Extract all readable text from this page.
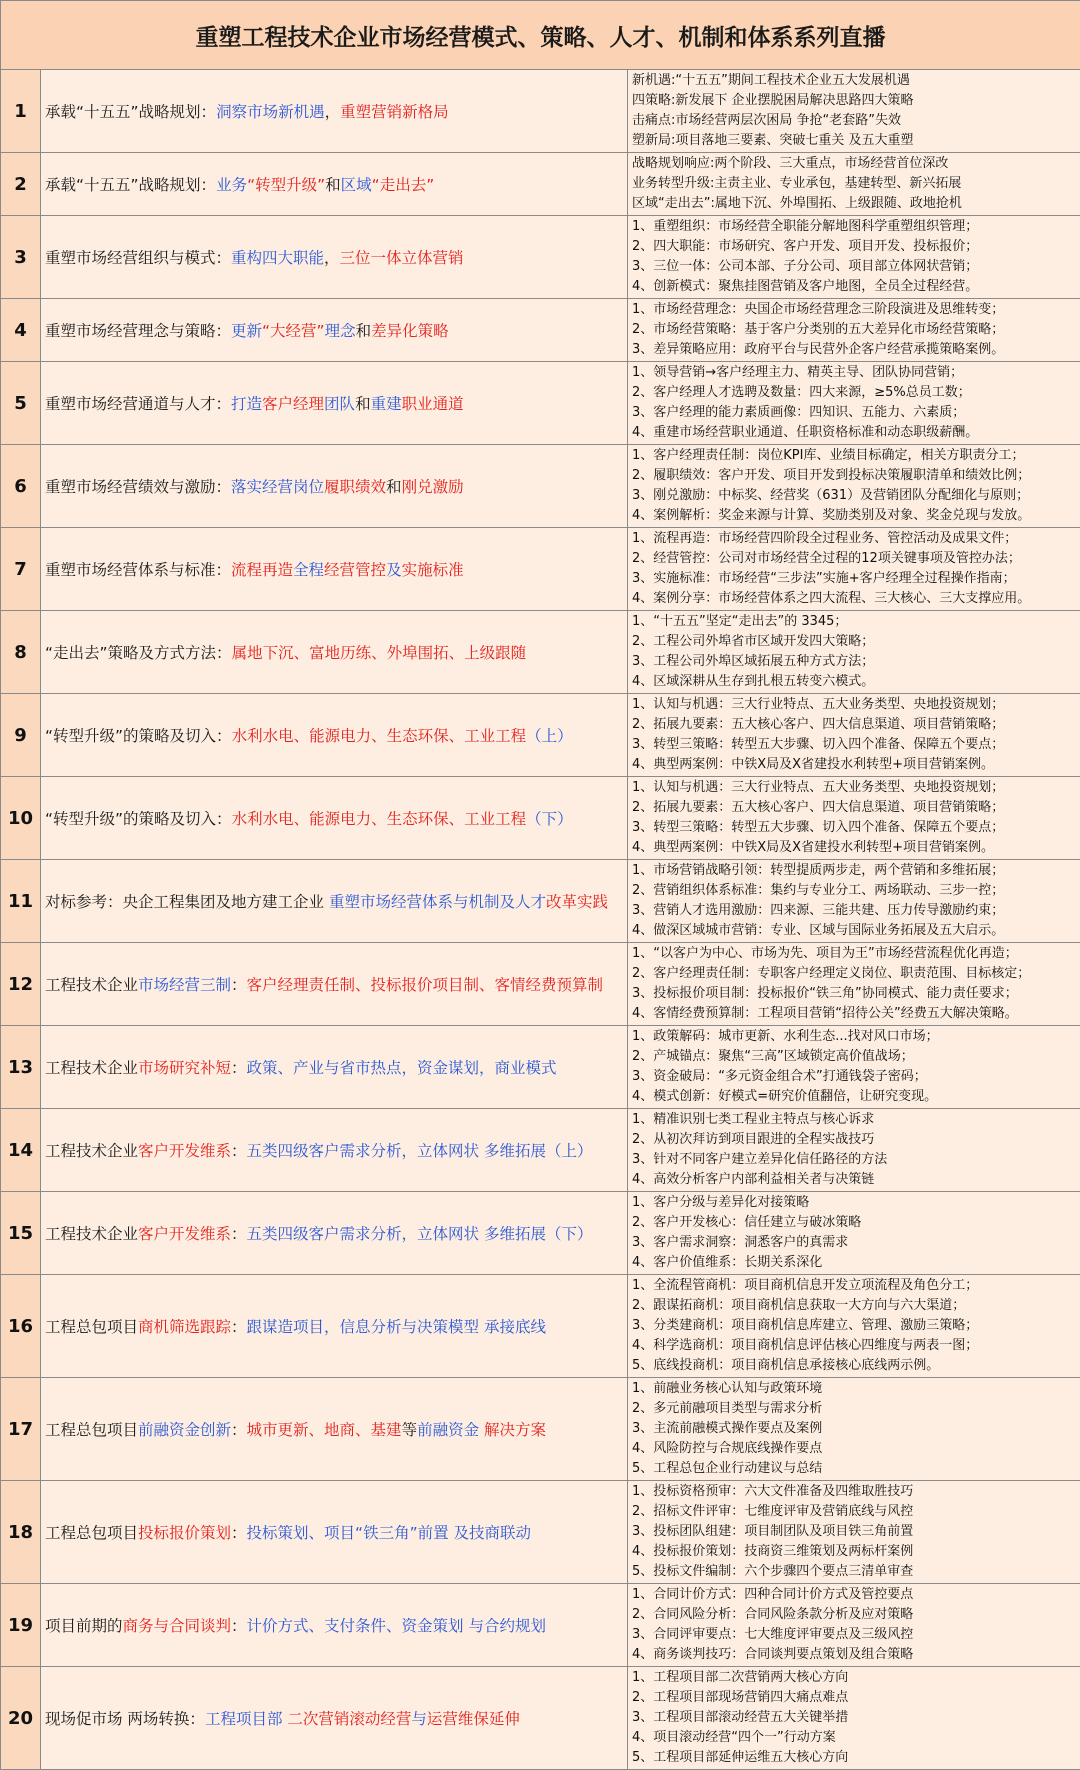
重塑工程技术企业市场经营模式、策略、人才、机制和体系系列直播		
1	承载“十五五”战略规划：洞察市场新机遇，重塑营销新格局	新机遇:“十五五”期间工程技术企业五大发展机遇
四策略:新发展下 企业摆脱困局解决思路四大策略
击痛点:市场经营两层次困局 争抢“老套路”失效
塑新局:项目落地三要素、突破七重关 及五大重塑

2	承载“十五五”战略规划：业务“转型升级”和区域“走出去”	战略规划响应:两个阶段、三大重点，市场经营首位深改
业务转型升级:主责主业、专业承包，基建转型、新兴拓展
区域“走出去”:属地下沉、外埠围拓、上级跟随、政地抢机

3	重塑市场经营组织与模式：重构四大职能，三位一体立体营销	1、重塑组织：市场经营全职能分解地图科学重塑组织管理；
2、四大职能：市场研究、客户开发、项目开发、投标报价；
3、三位一体：公司本部、子分公司、项目部立体网状营销；
4、创新模式：聚焦挂图营销及客户地图，全员全过程经营。

4	重塑市场经营理念与策略：更新“大经营”理念和差异化策略	1、市场经营理念：央国企市场经营理念三阶段演进及思维转变；
2、市场经营策略：基于客户分类别的五大差异化市场经营策略；
3、差异策略应用：政府平台与民营外企客户经营承揽策略案例。

5	重塑市场经营通道与人才：打造客户经理团队和重建职业通道	1、领导营销→客户经理主力、精英主导、团队协同营销；
2、客户经理人才选聘及数量：四大来源，≥5%总员工数；
3、客户经理的能力素质画像：四知识、五能力、六素质；
4、重建市场经营职业通道、任职资格标准和动态职级薪酬。

6	重塑市场经营绩效与激励：落实经营岗位履职绩效和刚兑激励	1、客户经理责任制：岗位KPI库、业绩目标确定，相关方职责分工；
2、履职绩效：客户开发、项目开发到投标决策履职清单和绩效比例；
3、刚兑激励：中标奖、经营奖（631）及营销团队分配细化与原则；
4、案例解析：奖金来源与计算、奖励类别及对象、奖金兑现与发放。

7	重塑市场经营体系与标准：流程再造全程经营管控及实施标准	1、流程再造：市场经营四阶段全过程业务、管控活动及成果文件；
2、经营管控：公司对市场经营全过程的12项关键事项及管控办法；
3、实施标准：市场经营“三步法”实施+客户经理全过程操作指南；
4、案例分享：市场经营体系之四大流程、三大核心、三大支撑应用。

8	“走出去”策略及方式方法：属地下沉、富地历练、外埠围拓、上级跟随	1、“十五五”坚定“走出去”的 3345；
2、工程公司外埠省市区域开发四大策略；
3、工程公司外埠区域拓展五种方式方法；
4、区域深耕从生存到扎根五转变六模式。

9	“转型升级”的策略及切入：水利水电、能源电力、生态环保、工业工程（上）	1、认知与机遇：三大行业特点、五大业务类型、央地投资规划；
2、拓展九要素：五大核心客户、四大信息渠道、项目营销策略；
3、转型三策略：转型五大步骤、切入四个准备、保障五个要点；
4、典型两案例：中铁X局及X省建投水利转型+项目营销案例。

10	“转型升级”的策略及切入：水利水电、能源电力、生态环保、工业工程（下）	1、认知与机遇：三大行业特点、五大业务类型、央地投资规划；
2、拓展九要素：五大核心客户、四大信息渠道、项目营销策略；
3、转型三策略：转型五大步骤、切入四个准备、保障五个要点；
4、典型两案例：中铁X局及X省建投水利转型+项目营销案例。

11	对标参考：央企工程集团及地方建工企业 重塑市场经营体系与机制及人才改革实践	1、市场营销战略引领：转型提质两步走，两个营销和多维拓展；
2、营销组织体系标准：集约与专业分工、两场联动、三步一控；
3、营销人才选用激励：四来源、三能共建、压力传导激励约束；
4、做深区域城市营销：专业、区域与国际业务拓展及五大启示。

12	工程技术企业市场经营三制：客户经理责任制、投标报价项目制、客情经费预算制	1、“以客户为中心、市场为先、项目为王”市场经营流程优化再造；
2、客户经理责任制：专职客户经理定义岗位、职责范围、目标核定；
3、投标报价项目制：投标报价“铁三角”协同模式、能力责任要求；
4、客情经费预算制：工程项目营销“招待公关”经费五大解决策略。

13	工程技术企业市场研究补短：政策、产业与省市热点，资金谋划，商业模式	1、政策解码：城市更新、水利生态...找对风口市场；
2、产城锚点：聚焦“三高”区域锁定高价值战场；
3、资金破局：“多元资金组合术”打通钱袋子密码；
4、模式创新：好模式=研究价值翻倍，让研究变现。

14	工程技术企业客户开发维系：五类四级客户需求分析，立体网状 多维拓展（上）	1、精准识别七类工程业主特点与核心诉求
2、从初次拜访到项目跟进的全程实战技巧
3、针对不同客户建立差异化信任路径的方法
4、高效分析客户内部利益相关者与决策链

15	工程技术企业客户开发维系：五类四级客户需求分析，立体网状 多维拓展（下）	1、客户分级与差异化对接策略
2、客户开发核心：信任建立与破冰策略
3、客户需求洞察：洞悉客户的真需求
4、客户价值维系：长期关系深化

16	工程总包项目商机筛选跟踪：跟谋造项目，信息分析与决策模型 承接底线	1、全流程管商机：项目商机信息开发立项流程及角色分工；
2、跟谋拓商机：项目商机信息获取一大方向与六大渠道；
3、分类建商机：项目商机信息库建立、管理、激励三策略；
4、科学选商机：项目商机信息评估核心四维度与两表一图；
5、底线投商机：项目商机信息承接核心底线两示例。

17	工程总包项目前融资金创新：城市更新、地商、基建等前融资金 解决方案	1、前融业务核心认知与政策环境
2、多元前融项目类型与需求分析
3、主流前融模式操作要点及案例
4、风险防控与合规底线操作要点
5、工程总包企业行动建议与总结

18	工程总包项目投标报价策划：投标策划、项目“铁三角”前置 及技商联动	1、投标资格预审：六大文件准备及四维取胜技巧
2、招标文件评审：七维度评审及营销底线与风控
3、投标团队组建：项目制团队及项目铁三角前置
4、投标报价策划：技商资三维策划及两标杆案例
5、投标文件编制：六个步骤四个要点三清单审查

19	项目前期的商务与合同谈判：计价方式、支付条件、资金策划 与合约规划	1、合同计价方式：四种合同计价方式及管控要点
2、合同风险分析：合同风险条款分析及应对策略
3、合同评审要点：七大维度评审要点及三级风控
4、商务谈判技巧：合同谈判要点策划及组合策略

20	现场促市场 两场转换：工程项目部 二次营销滚动经营与运营维保延伸	1、工程项目部二次营销两大核心方向
2、工程项目部现场营销四大痛点难点
3、工程项目部滚动经营五大关键举措
4、项目滚动经营“四个一”行动方案
5、工程项目部延伸运维五大核心方向
